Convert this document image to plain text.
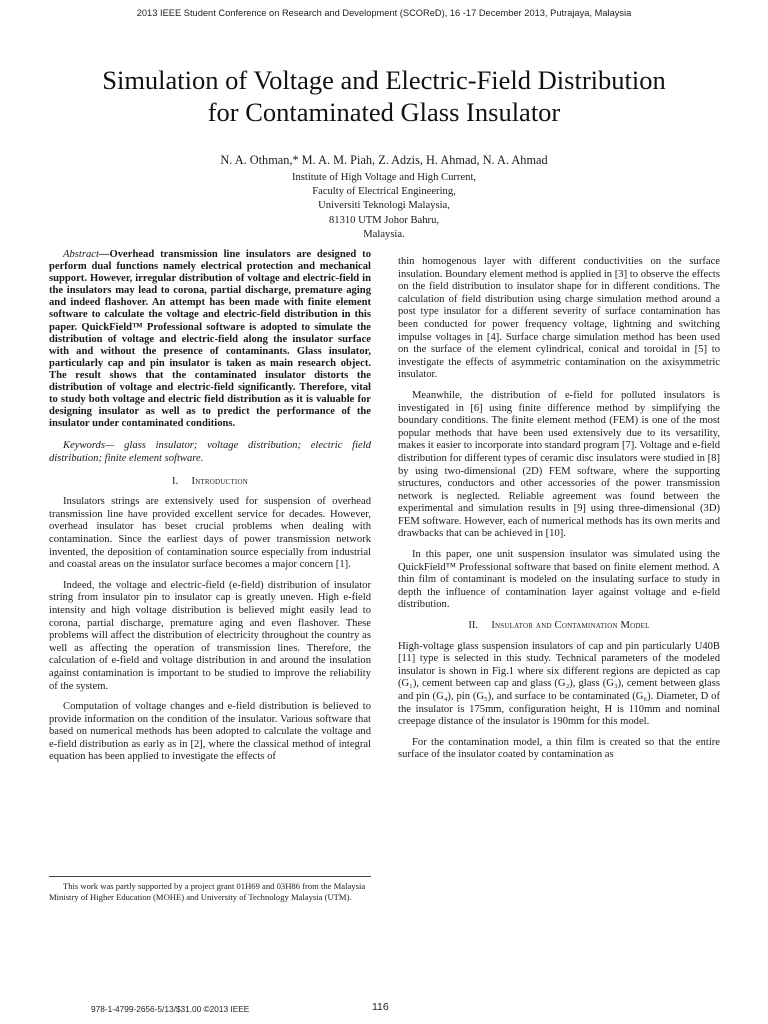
2013 IEEE Student Conference on Research and Development (SCOReD), 16 -17 December 2013, Putrajaya, Malaysia
Simulation of Voltage and Electric-Field Distribution
for Contaminated Glass Insulator
N. A. Othman,* M. A. M. Piah, Z. Adzis, H. Ahmad, N. A. Ahmad
Institute of High Voltage and High Current,
Faculty of Electrical Engineering,
Universiti Teknologi Malaysia,
81310 UTM Johor Bahru,
Malaysia.
Abstract—Overhead transmission line insulators are designed to perform dual functions namely electrical protection and mechanical support. However, irregular distribution of voltage and electric-field in the insulators may lead to corona, partial discharge, premature aging and indeed flashover. An attempt has been made with finite element software to calculate the voltage and electric-field distribution in this paper. QuickField™ Professional software is adopted to simulate the distribution of voltage and electric-field along the insulator surface with and without the presence of contaminants. Glass insulator, particularly cap and pin insulator is taken as main research object. The result shows that the contaminated insulator distorts the distribution of voltage and electric-field significantly. Therefore, vital to study both voltage and electric field distribution as it is valuable for designing insulator as well as to predict the performance of the insulator under contaminated conditions.
Keywords— glass insulator; voltage distribution; electric field distribution; finite element software.
I. Introduction

Insulators strings are extensively used for suspension of overhead transmission line have provided excellent service for decades. However, overhead insulator has beset crucial problems when dealing with contamination. Since the earliest days of power transmission network invented, the deposition of contamination source especially from industrial and coastal areas on the insulator surface becomes a major concern [1].

Indeed, the voltage and electric-field (e-field) distribution of insulator string from insulator pin to insulator cap is greatly uneven. High e-field intensity and high voltage distribution is believed might easily lead to corona, partial discharge, premature aging and even flashover. These problems will affect the distribution of electricity throughout the country as well as affecting the operation of transmission lines. Therefore, the calculation of e-field and voltage distribution in and around the insulation against contamination is important to be studied to improve the reliability of the system.

Computation of voltage changes and e-field distribution is believed to provide information on the condition of the insulator. Various software that based on numerical methods has been adopted to calculate the voltage and e-field distribution as early as in [2], where the classical method of integral equation has been applied to investigate the effects of

This work was partly supported by a project grant 01H69 and 03H86 from the Malaysia Ministry of Higher Education (MOHE) and University of Technology Malaysia (UTM).

thin homogenous layer with different conductivities on the surface insulation. Boundary element method is applied in [3] to observe the effects on the field distribution to insulator shape for in different conditions. The calculation of field distribution using charge simulation method around a post type insulator for a different severity of surface contamination has been conducted for power frequency voltage, lightning and switching impulse voltages in [4]. Surface charge simulation method has been used on the surface of the element cylindrical, conical and toroidal in [5] to investigate the effects of asymmetric contamination on the axisymmetric insulator.

Meanwhile, the distribution of e-field for polluted insulators is investigated in [6] using finite difference method by simplifying the boundary conditions. The finite element method (FEM) is one of the most popular methods that have been used extensively due to its versatility, makes it easier to incorporate into standard program [7]. Voltage and e-field distribution for different types of ceramic disc insulators were studied in [8] by using two-dimensional (2D) FEM software, where the supporting structures, conductors and other accessories of the power transmission network is neglected. Reliable agreement was found between the experimental and simulation results in [9] using three-dimensional (3D) FEM software. However, each of numerical methods has its own merits and drawbacks that can be achieved in [10].

In this paper, one unit suspension insulator was simulated using the QuickField™ Professional software that based on finite element method. A thin film of contaminant is modeled on the insulating surface to study in depth the influence of contamination layer against voltage and e-field distribution.

II. Insulator and Contamination Model

High-voltage glass suspension insulators of cap and pin particularly U40B [11] type is selected in this study. Technical parameters of the modeled insulator is shown in Fig.1 where six different regions are depicted as cap (G₁), cement between cap and glass (G₂), glass (G₃), cement between glass and pin (G₄), pin (G₅), and surface to be contaminated (G₆). Diameter, D of the insulator is 175mm, configuration height, H is 110mm and nominal creepage distance of the insulator is 190mm for this model.

For the contamination model, a thin film is created so that the entire surface of the insulator coated by contamination as

978-1-4799-2656-5/13/$31.00 ©2013 IEEE	116
